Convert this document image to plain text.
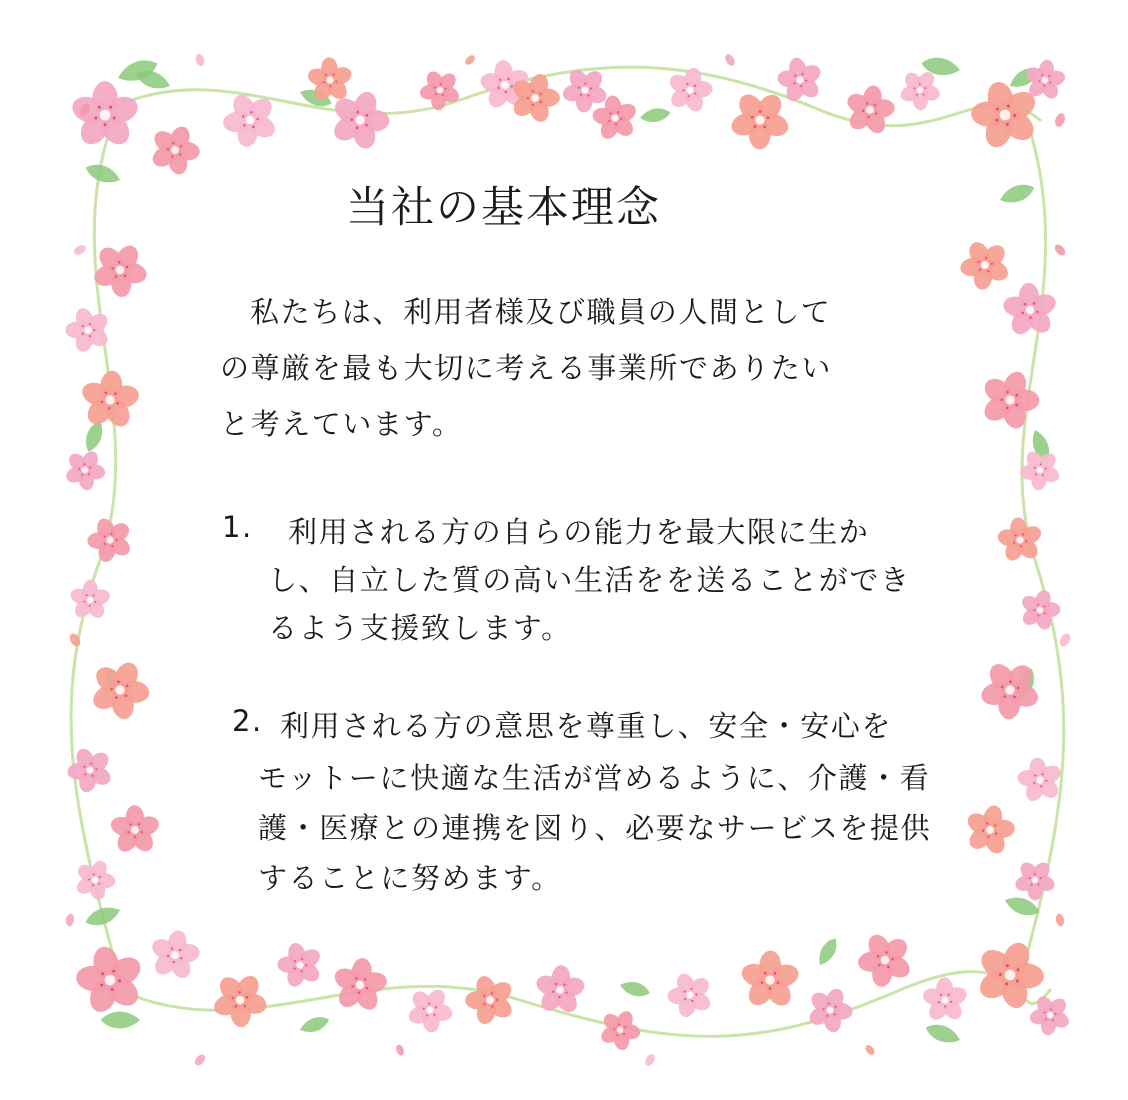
当社の基本理念
私たちは、利用者様及び職員の人間として
の尊厳を最も大切に考える事業所でありたい
と考えています。
1. 利用される方の自らの能力を最大限に生か
し、自立した質の高い生活をを送ることができ
るよう支援致します。
2. 利用される方の意思を尊重し、安全・安心を
モットーに快適な生活が営めるように、介護・看
護・医療との連携を図り、必要なサービスを提供
することに努めます。
